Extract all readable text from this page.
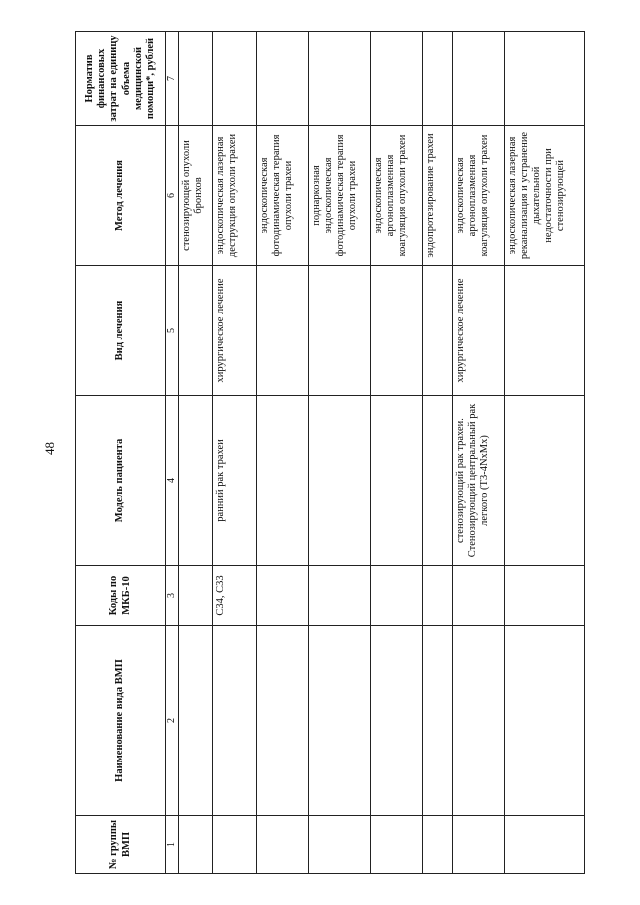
48
№ группы ВМП	Наименование вида ВМП	Коды по МКБ-10	Модель пациента	Вид лечения	Метод лечения	Норматив финансовых затрат на единицу объема медицинской помощи*, рублей
1	2	3	4	5	6	7
					стенозирующей опухоли бронхов	
		C34, C33	ранний рак трахеи	хирургическое лечение	эндоскопическая лазерная деструкция опухоли трахеи	
					эндоскопическая фотодинамическая терапия опухоли трахеи	
					поднаркозная эндоскопическая фотодинамическая терапия опухоли трахеи	
					эндоскопическая аргоноплазменная коагуляция опухоли трахеи	
					эндопротезирование трахеи	
			стенозирующий рак трахеи. Стенозирующий центральный рак легкого (T3-4NхMх)	хирургическое лечение	эндоскопическая аргоноплазменная коагуляция опухоли трахеи	
					эндоскопическая лазерная реканализация и устранение дыхательной недостаточности при стенозирующей	
